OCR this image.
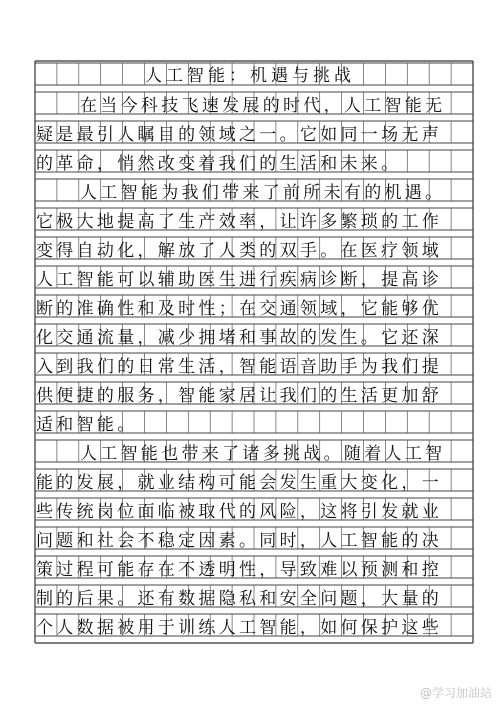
人工智能：机遇与挑战
在当今科技飞速发展的时代，人工智能无
疑是最引人瞩目的领域之一。它如同一场无声
的革命，悄然改变着我们的生活和未来。
人工智能为我们带来了前所未有的机遇。
它极大地提高了生产效率，让许多繁琐的工作
变得自动化，解放了人类的双手。在医疗领域
人工智能可以辅助医生进行疾病诊断，提高诊
断的准确性和及时性；在交通领域，它能够优
化交通流量，减少拥堵和事故的发生。它还深
入到我们的日常生活，智能语音助手为我们提
供便捷的服务，智能家居让我们的生活更加舒
适和智能。
人工智能也带来了诸多挑战。随着人工智
能的发展，就业结构可能会发生重大变化，一
些传统岗位面临被取代的风险，这将引发就业
问题和社会不稳定因素。同时，人工智能的决
策过程可能存在不透明性，导致难以预测和控
制的后果。还有数据隐私和安全问题，大量的
个人数据被用于训练人工智能，如何保护这些
@学习加油站
